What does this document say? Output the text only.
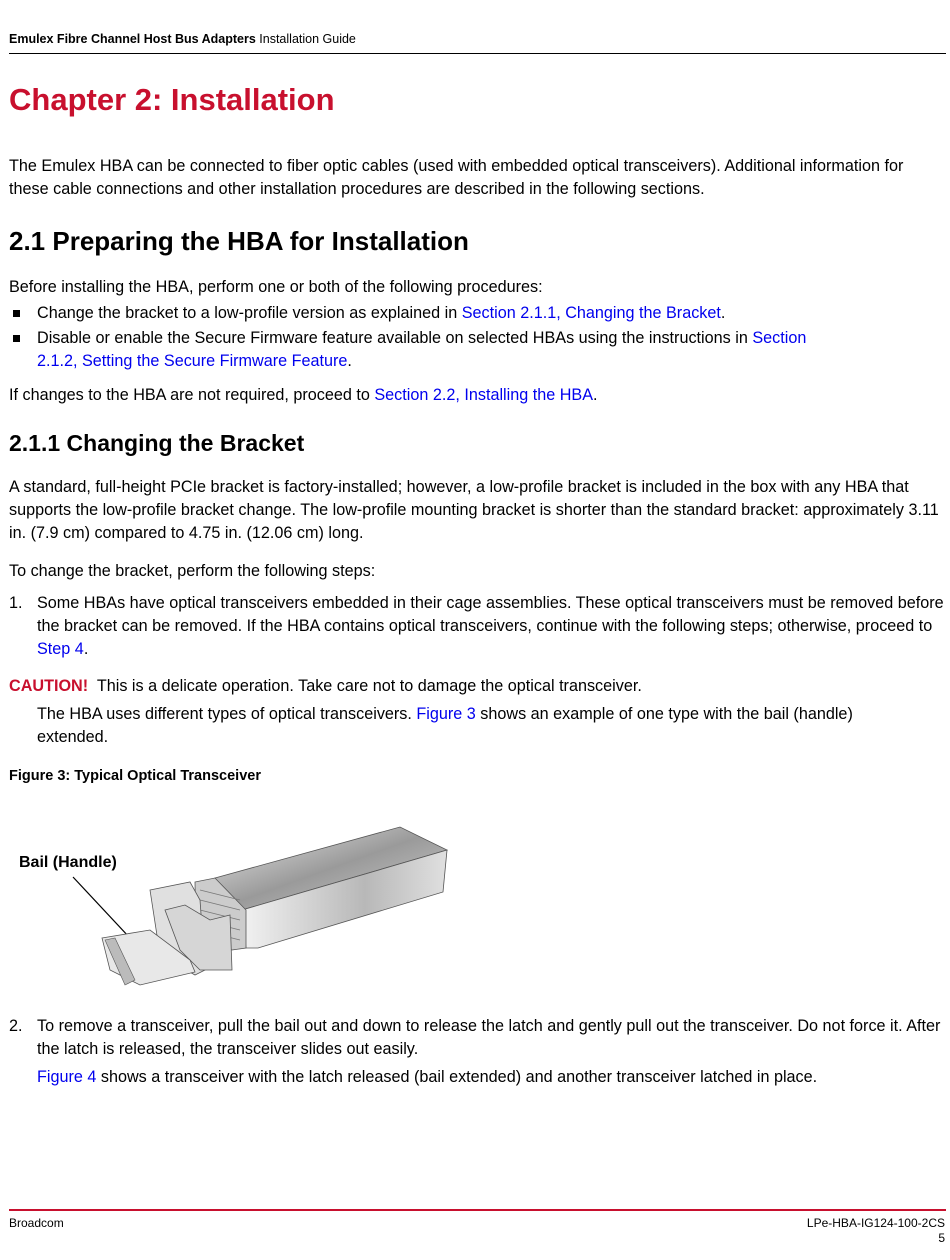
Emulex Fibre Channel Host Bus Adapters Installation Guide
Chapter 2: Installation
The Emulex HBA can be connected to fiber optic cables (used with embedded optical transceivers). Additional information for these cable connections and other installation procedures are described in the following sections.
2.1 Preparing the HBA for Installation
Before installing the HBA, perform one or both of the following procedures:
Change the bracket to a low-profile version as explained in Section 2.1.1, Changing the Bracket.
Disable or enable the Secure Firmware feature available on selected HBAs using the instructions in Section 2.1.2, Setting the Secure Firmware Feature.
If changes to the HBA are not required, proceed to Section 2.2, Installing the HBA.
2.1.1 Changing the Bracket
A standard, full-height PCIe bracket is factory-installed; however, a low-profile bracket is included in the box with any HBA that supports the low-profile bracket change. The low-profile mounting bracket is shorter than the standard bracket: approximately 3.11 in. (7.9 cm) compared to 4.75 in. (12.06 cm) long.
To change the bracket, perform the following steps:
1. Some HBAs have optical transceivers embedded in their cage assemblies. These optical transceivers must be removed before the bracket can be removed. If the HBA contains optical transceivers, continue with the following steps; otherwise, proceed to Step 4.
CAUTION! This is a delicate operation. Take care not to damage the optical transceiver.
The HBA uses different types of optical transceivers. Figure 3 shows an example of one type with the bail (handle) extended.
Figure 3: Typical Optical Transceiver
Bail (Handle)
2. To remove a transceiver, pull the bail out and down to release the latch and gently pull out the transceiver. Do not force it. After the latch is released, the transceiver slides out easily.
Figure 4 shows a transceiver with the latch released (bail extended) and another transceiver latched in place.
Broadcom	LPe-HBA-IG124-100-2CS
5
